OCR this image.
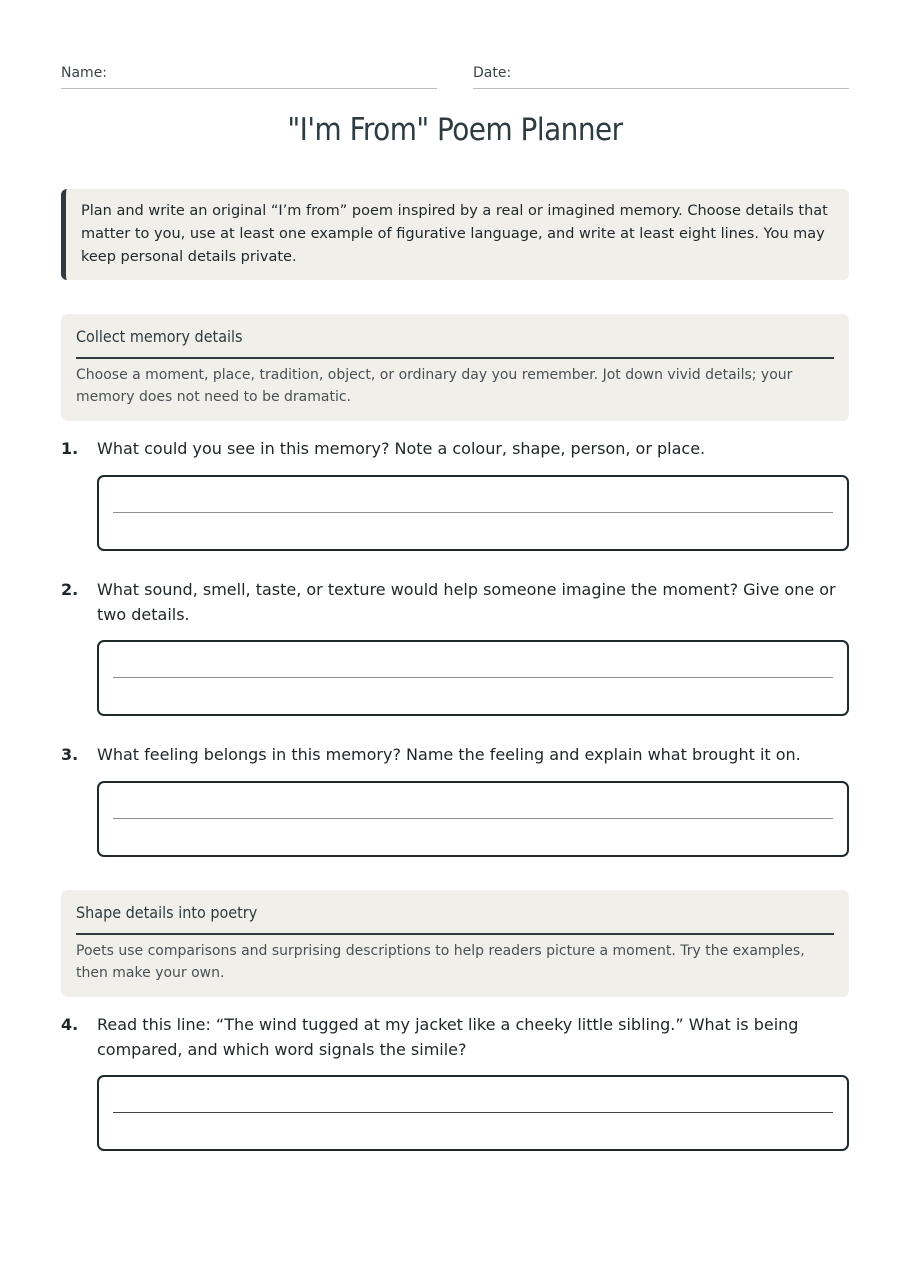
Name:	Date:
"I'm From" Poem Planner
Plan and write an original “I’m from” poem inspired by a real or imagined memory. Choose details that matter to you, use at least one example of figurative language, and write at least eight lines. You may keep personal details private.
Collect memory details
Choose a moment, place, tradition, object, or ordinary day you remember. Jot down vivid details; your memory does not need to be dramatic.
1. What could you see in this memory? Note a colour, shape, person, or place.
2. What sound, smell, taste, or texture would help someone imagine the moment? Give one or two details.
3. What feeling belongs in this memory? Name the feeling and explain what brought it on.
Shape details into poetry
Poets use comparisons and surprising descriptions to help readers picture a moment. Try the examples, then make your own.
4. Read this line: “The wind tugged at my jacket like a cheeky little sibling.” What is being compared, and which word signals the simile?
